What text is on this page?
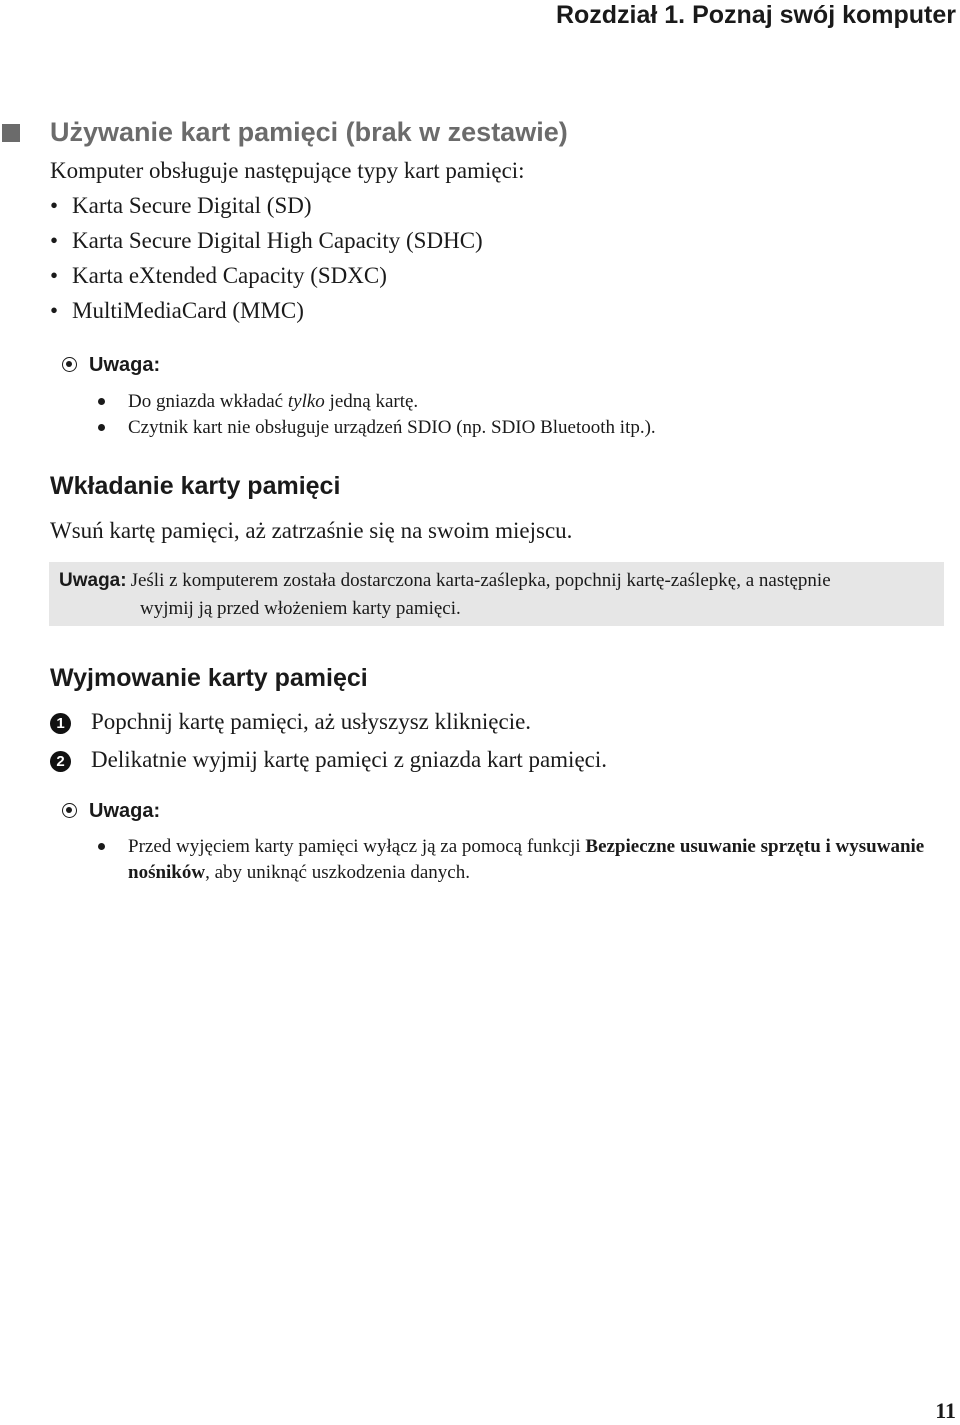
Rozdział 1. Poznaj swój komputer
Używanie kart pamięci (brak w zestawie)
Komputer obsługuje następujące typy kart pamięci:
• Karta Secure Digital (SD)
• Karta Secure Digital High Capacity (SDHC)
• Karta eXtended Capacity (SDXC)
• MultiMediaCard (MMC)
Uwaga:
Do gniazda wkładać tylko jedną kartę.
Czytnik kart nie obsługuje urządzeń SDIO (np. SDIO Bluetooth itp.).
Wkładanie karty pamięci
Wsuń kartę pamięci, aż zatrzaśnie się na swoim miejscu.
Uwaga: Jeśli z komputerem została dostarczona karta-zaślepka, popchnij kartę-zaślepkę, a następnie
wyjmij ją przed włożeniem karty pamięci.
Wyjmowanie karty pamięci
1 Popchnij kartę pamięci, aż usłyszysz kliknięcie.
2 Delikatnie wyjmij kartę pamięci z gniazda kart pamięci.
Uwaga:
Przed wyjęciem karty pamięci wyłącz ją za pomocą funkcji Bezpieczne usuwanie sprzętu i wysuwanie nośników, aby uniknąć uszkodzenia danych.
11
